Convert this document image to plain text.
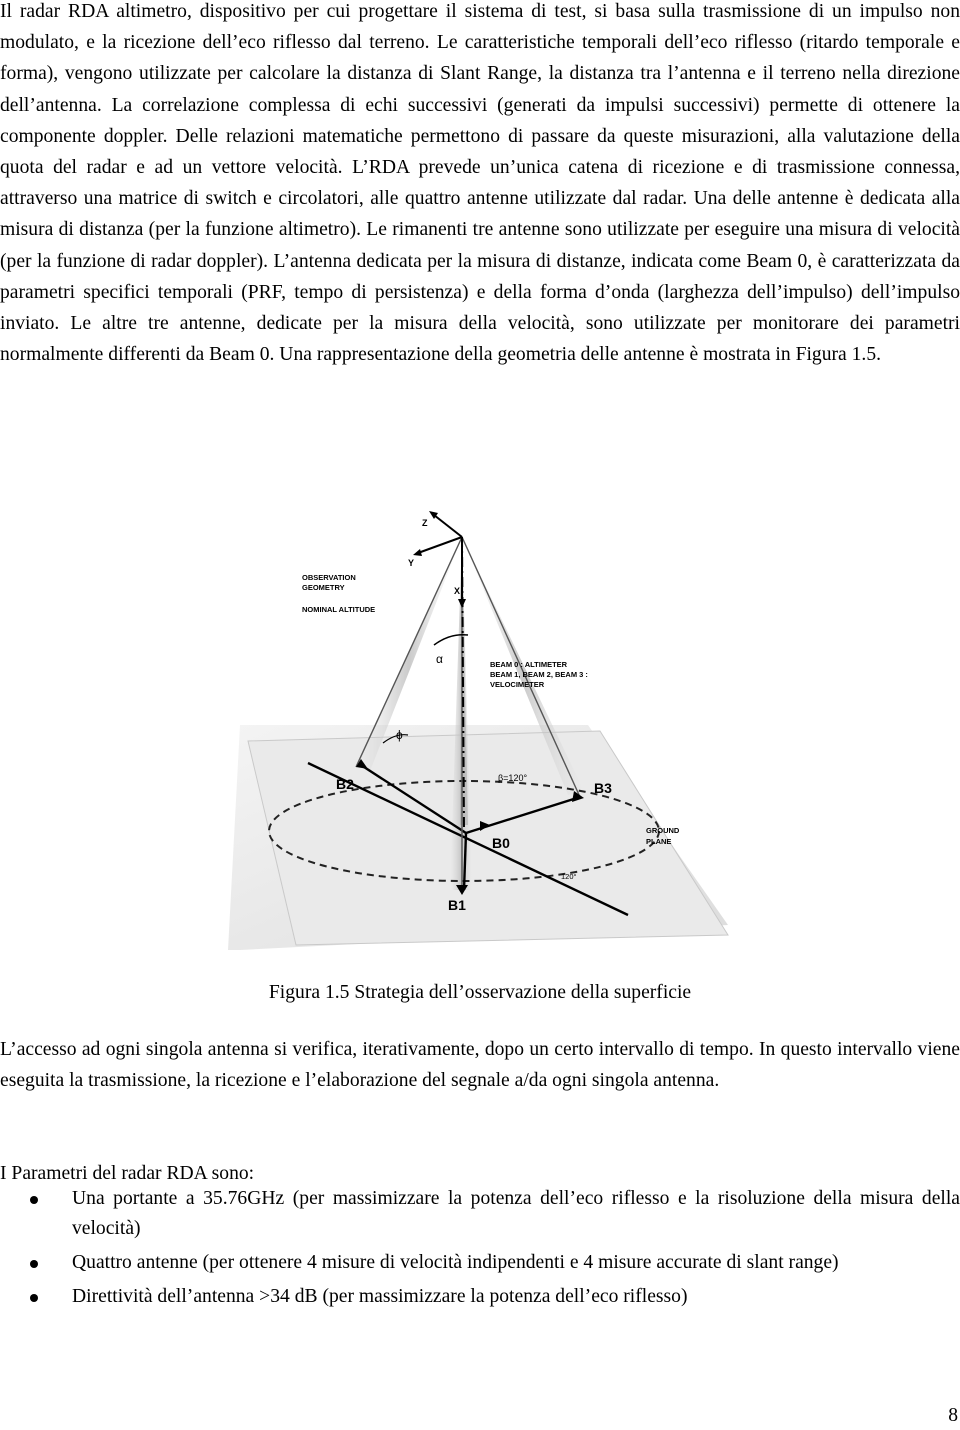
Il radar RDA altimetro, dispositivo per cui progettare il sistema di test, si basa sulla trasmissione di un impulso non modulato, e la ricezione dell’eco riflesso dal terreno. Le caratteristiche temporali dell’eco riflesso (ritardo temporale e forma), vengono utilizzate per calcolare la distanza di Slant Range, la distanza tra l’antenna e il terreno nella direzione dell’antenna. La correlazione complessa di echi successivi (generati da impulsi successivi) permette di ottenere la componente doppler. Delle relazioni matematiche permettono di passare da queste misurazioni, alla valutazione della quota del radar e ad un vettore velocità. L’RDA prevede un’unica catena di ricezione e di trasmissione connessa, attraverso una matrice di switch e circolatori, alle quattro antenne utilizzate dal radar. Una delle antenne è dedicata alla misura di distanza (per la funzione altimetro). Le rimanenti tre antenne sono utilizzate per eseguire una misura di velocità (per la funzione di radar doppler). L’antenna dedicata per la misura di distanze, indicata come Beam 0, è caratterizzata da parametri specifici temporali (PRF, tempo di persistenza) e della forma d’onda (larghezza dell’impulso) dell’impulso inviato. Le altre tre antenne, dedicate per la misura della velocità, sono utilizzate per monitorare dei parametri normalmente differenti da Beam 0. Una rappresentazione della geometria delle antenne è mostrata in Figura 1.5.

Z
Y
X
OBSERVATION
GEOMETRY
NOMINAL ALTITUDE
α
ϕ
BEAM 0 : ALTIMETER
BEAM 1, BEAM 2, BEAM 3 :
VELOCIMETER
β=120°
120°
B0
B1
B2	B3
GROUND
PLANE

Figura 1.5 Strategia dell’osservazione della superficie

L’accesso ad ogni singola antenna si verifica, iterativamente, dopo un certo intervallo di tempo. In questo intervallo viene eseguita la trasmissione, la ricezione e l’elaborazione del segnale a/da ogni singola antenna.

I Parametri del radar RDA sono:

Una portante a 35.76GHz (per massimizzare la potenza dell’eco riflesso e la risoluzione della misura della velocità)
Quattro antenne (per ottenere 4 misure di velocità indipendenti e 4 misure accurate di slant range)
Direttività dell’antenna >34 dB (per massimizzare la potenza dell’eco riflesso)
8
